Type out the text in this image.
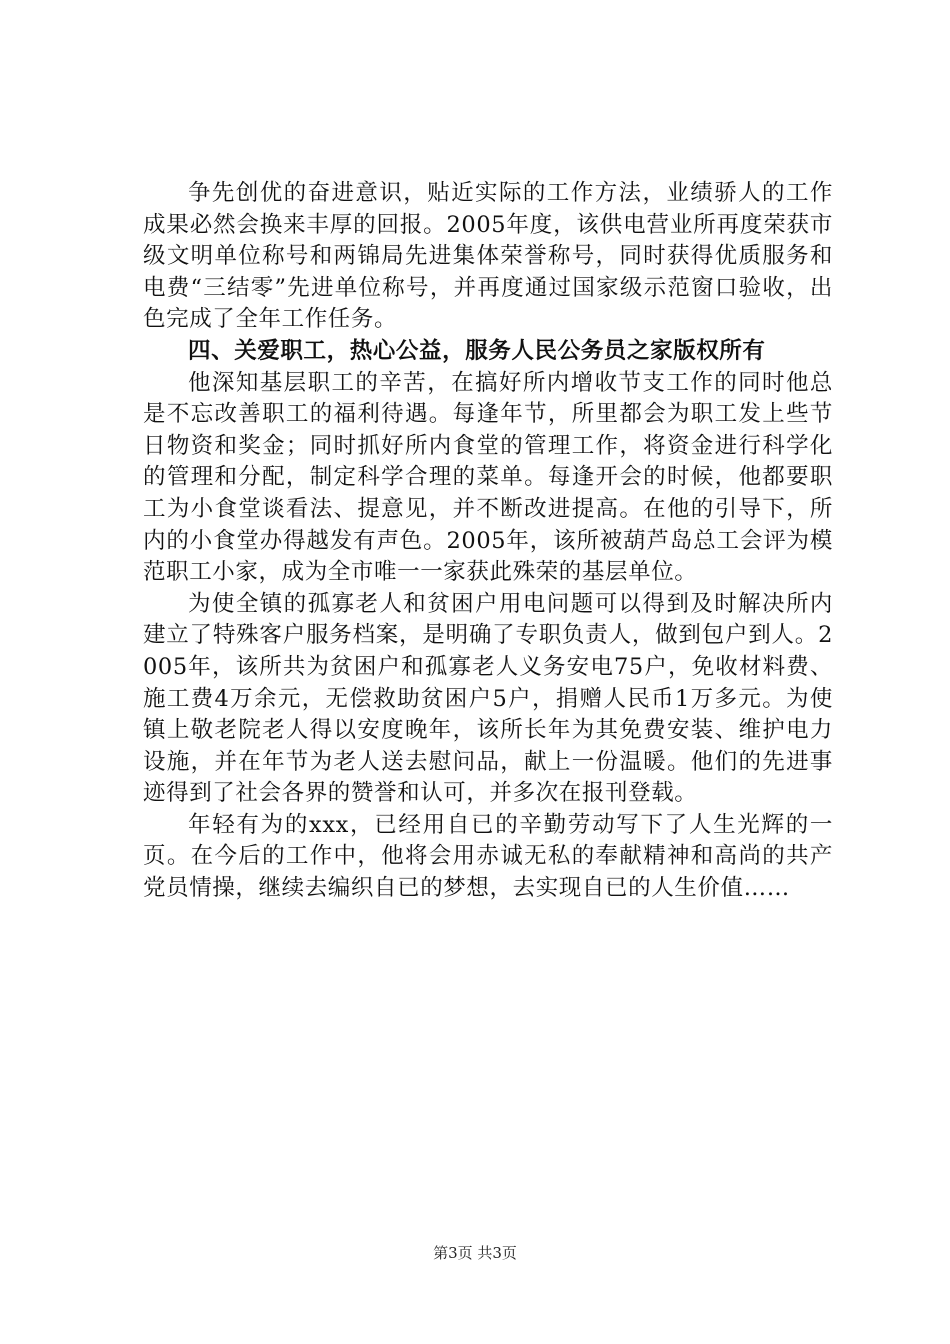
争先创优的奋进意识，贴近实际的工作方法，业绩骄人的工作成果必然会换来丰厚的回报。2005年度，该供电营业所再度荣获市级文明单位称号和两锦局先进集体荣誉称号，同时获得优质服务和电费“三结零”先进单位称号，并再度通过国家级示范窗口验收，出色完成了全年工作任务。

四、关爱职工，热心公益，服务人民公务员之家版权所有

他深知基层职工的辛苦，在搞好所内增收节支工作的同时他总是不忘改善职工的福利待遇。每逢年节，所里都会为职工发上些节日物资和奖金；同时抓好所内食堂的管理工作，将资金进行科学化的管理和分配，制定科学合理的菜单。每逢开会的时候，他都要职工为小食堂谈看法、提意见，并不断改进提高。在他的引导下，所内的小食堂办得越发有声色。2005年，该所被葫芦岛总工会评为模范职工小家，成为全市唯一一家获此殊荣的基层单位。

为使全镇的孤寡老人和贫困户用电问题可以得到及时解决所内建立了特殊客户服务档案，是明确了专职负责人，做到包户到人。2005年，该所共为贫困户和孤寡老人义务安电75户，免收材料费、施工费4万余元，无偿救助贫困户5户，捐赠人民币1万多元。为使镇上敬老院老人得以安度晚年，该所长年为其免费安装、维护电力设施，并在年节为老人送去慰问品，献上一份温暖。他们的先进事迹得到了社会各界的赞誉和认可，并多次在报刊登载。

年轻有为的xxx，已经用自已的辛勤劳动写下了人生光辉的一页。在今后的工作中，他将会用赤诚无私的奉献精神和高尚的共产党员情操，继续去编织自已的梦想，去实现自已的人生价值……

第3页 共3页
